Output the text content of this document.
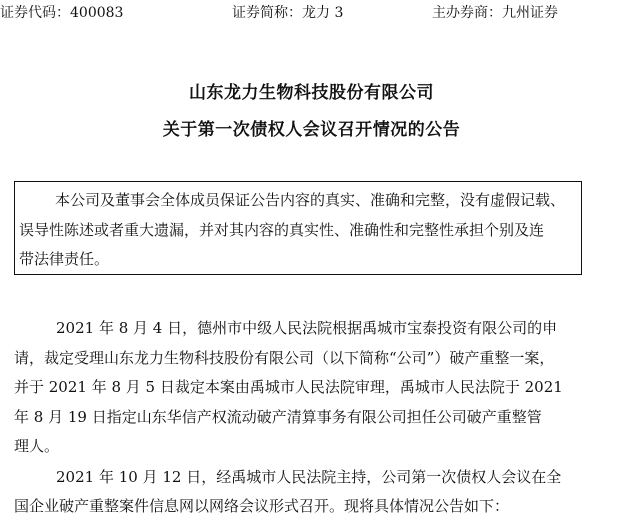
证券代码：400083	证券简称：龙力 3	主办券商：九州证券
山东龙力生物科技股份有限公司
关于第一次债权人会议召开情况的公告
本公司及董事会全体成员保证公告内容的真实、准确和完整，没有虚假记载、
误导性陈述或者重大遗漏，并对其内容的真实性、准确性和完整性承担个别及连
带法律责任。
2021 年 8 月 4 日，德州市中级人民法院根据禹城市宝泰投资有限公司的申
请，裁定受理山东龙力生物科技股份有限公司（以下简称“公司”）破产重整一案，
并于 2021 年 8 月 5 日裁定本案由禹城市人民法院审理，禹城市人民法院于 2021
年 8 月 19 日指定山东华信产权流动破产清算事务有限公司担任公司破产重整管
理人。
2021 年 10 月 12 日，经禹城市人民法院主持，公司第一次债权人会议在全
国企业破产重整案件信息网以网络会议形式召开。现将具体情况公告如下：
